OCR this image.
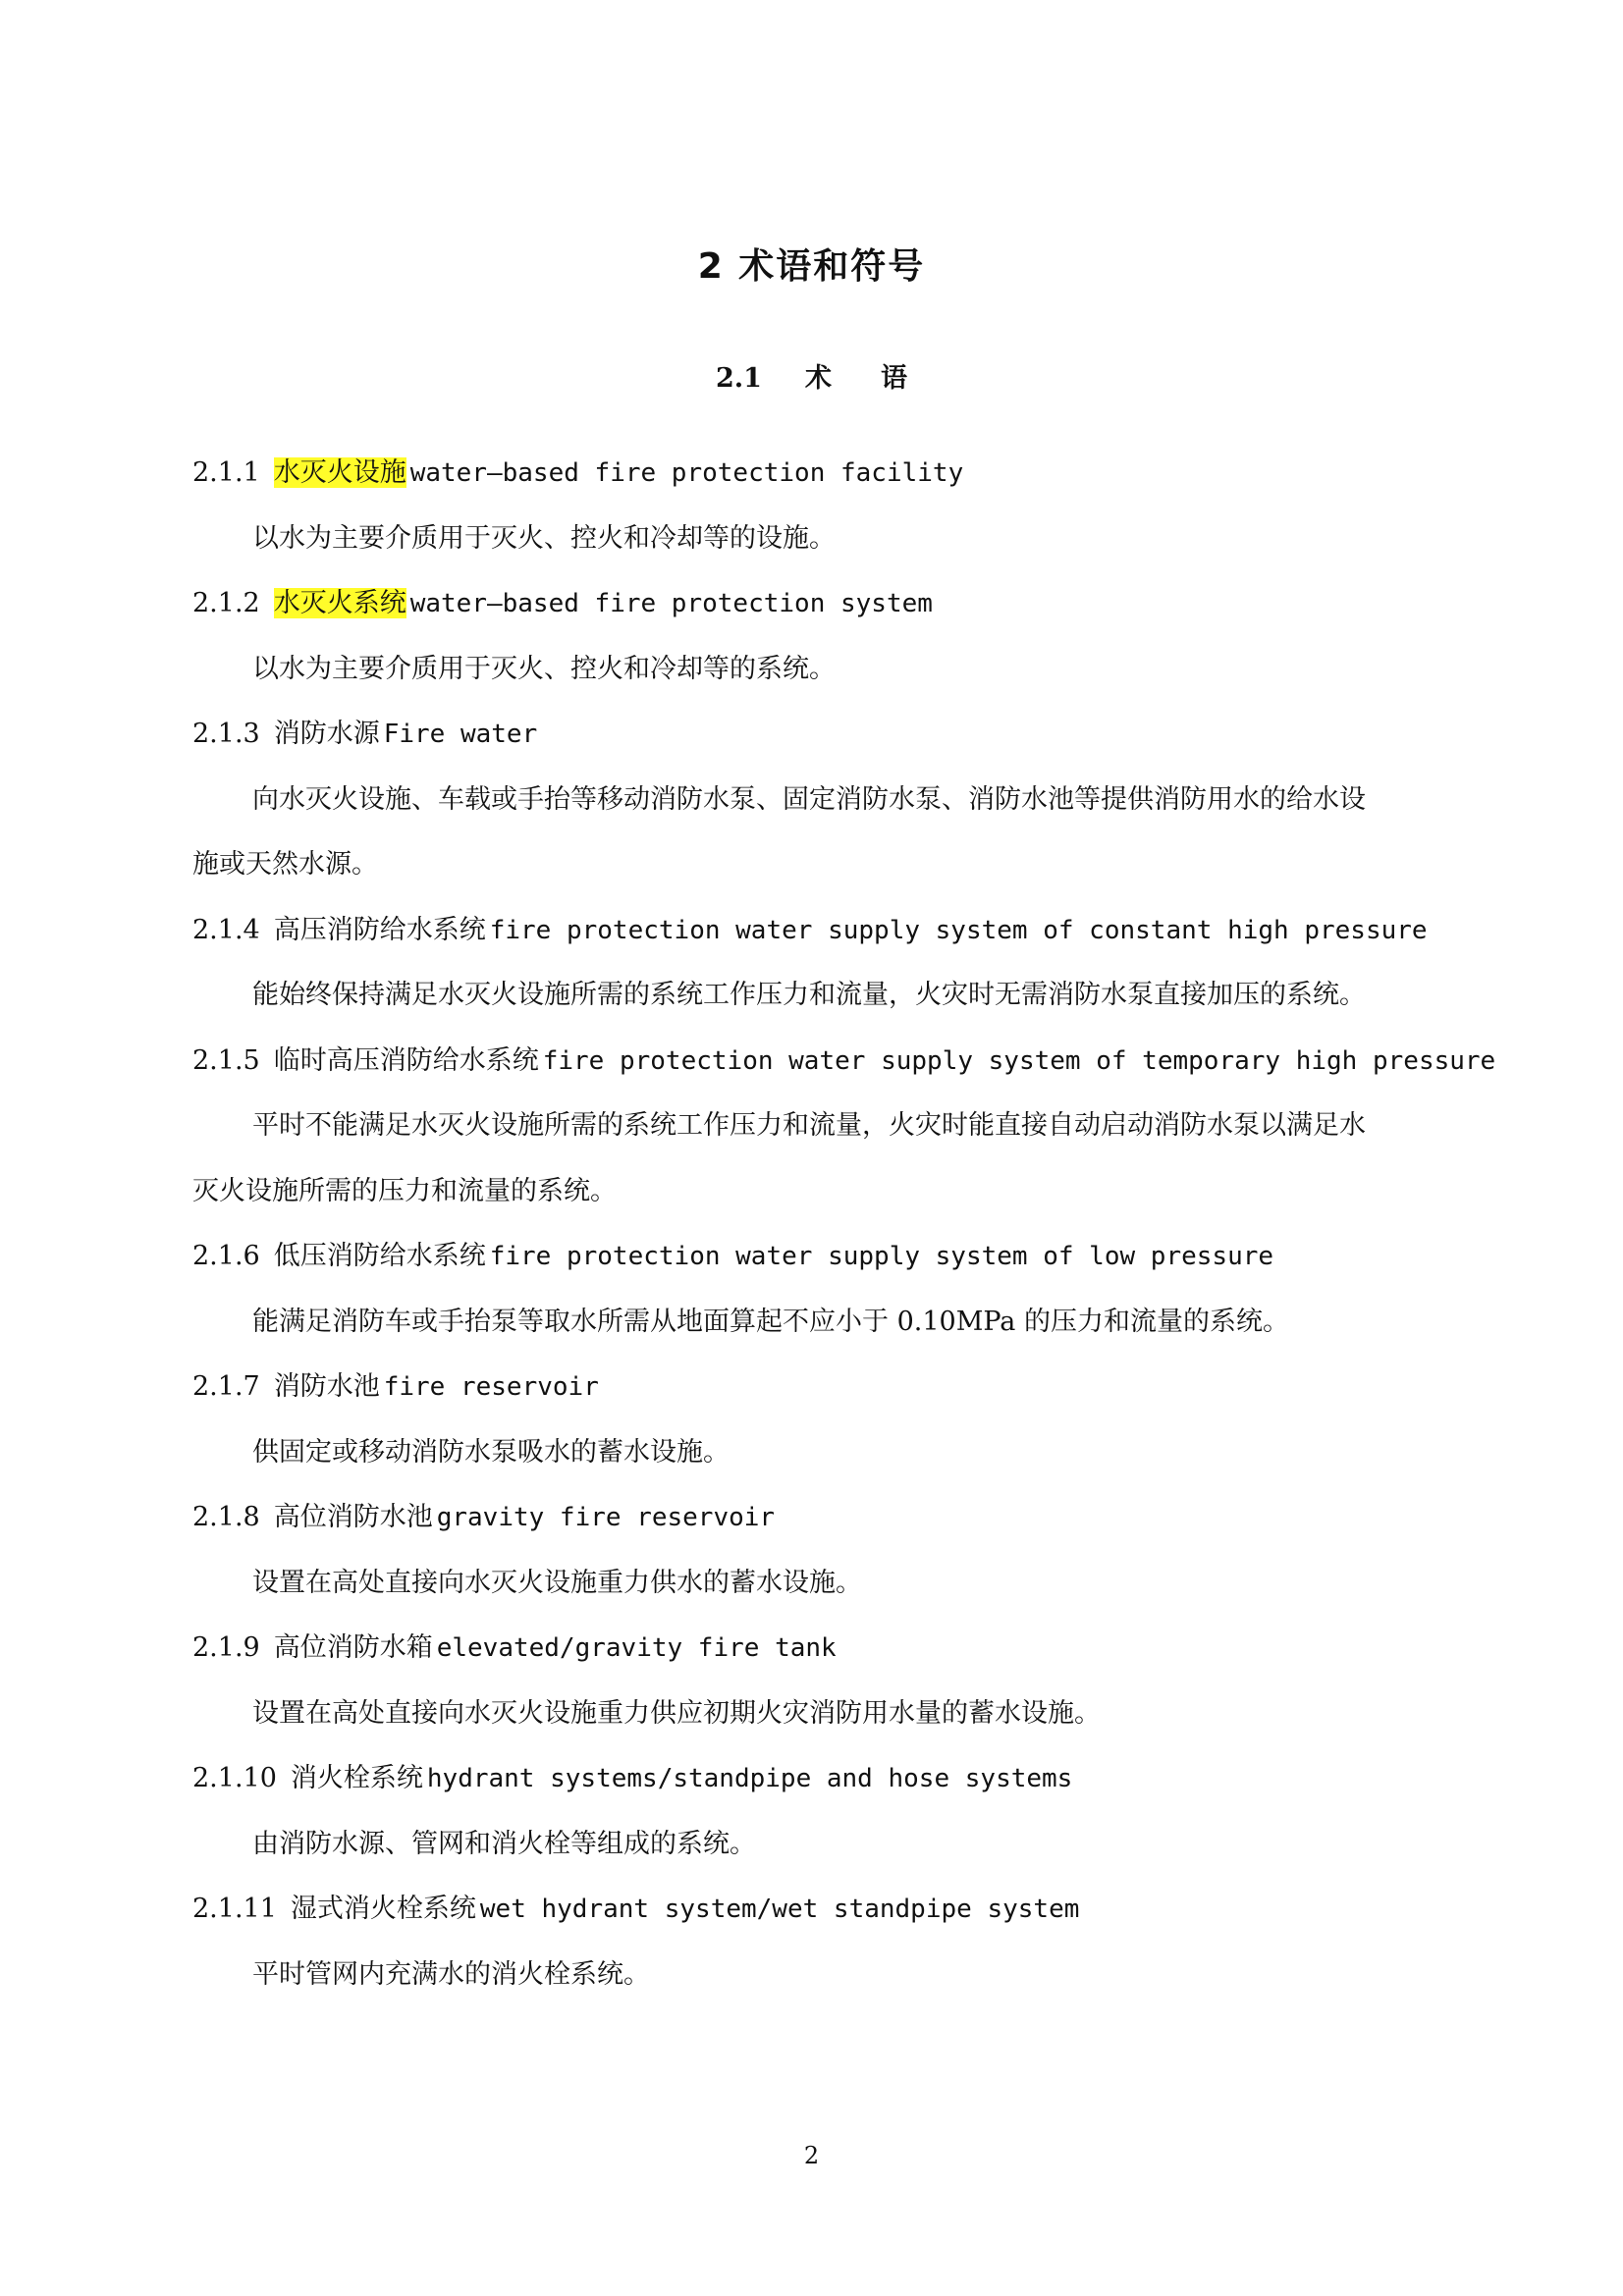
2 术语和符号
2.1 术 语
2.1.1 水灭火设施 water—based fire protection facility
以水为主要介质用于灭火、控火和冷却等的设施。
2.1.2 水灭火系统 water—based fire protection system
以水为主要介质用于灭火、控火和冷却等的系统。
2.1.3 消防水源 Fire water
向水灭火设施、车载或手抬等移动消防水泵、固定消防水泵、消防水池等提供消防用水的给水设
施或天然水源。
2.1.4 高压消防给水系统 fire protection water supply system of constant high pressure
能始终保持满足水灭火设施所需的系统工作压力和流量，火灾时无需消防水泵直接加压的系统。
2.1.5 临时高压消防给水系统 fire protection water supply system of temporary high pressure
平时不能满足水灭火设施所需的系统工作压力和流量，火灾时能直接自动启动消防水泵以满足水
灭火设施所需的压力和流量的系统。
2.1.6 低压消防给水系统 fire protection water supply system of low pressure
能满足消防车或手抬泵等取水所需从地面算起不应小于 0.10MPa 的压力和流量的系统。
2.1.7 消防水池 fire reservoir
供固定或移动消防水泵吸水的蓄水设施。
2.1.8 高位消防水池 gravity fire reservoir
设置在高处直接向水灭火设施重力供水的蓄水设施。
2.1.9 高位消防水箱 elevated/gravity fire tank
设置在高处直接向水灭火设施重力供应初期火灾消防用水量的蓄水设施。
2.1.10 消火栓系统 hydrant systems/standpipe and hose systems
由消防水源、管网和消火栓等组成的系统。
2.1.11 湿式消火栓系统 wet hydrant system/wet standpipe system
平时管网内充满水的消火栓系统。
2
